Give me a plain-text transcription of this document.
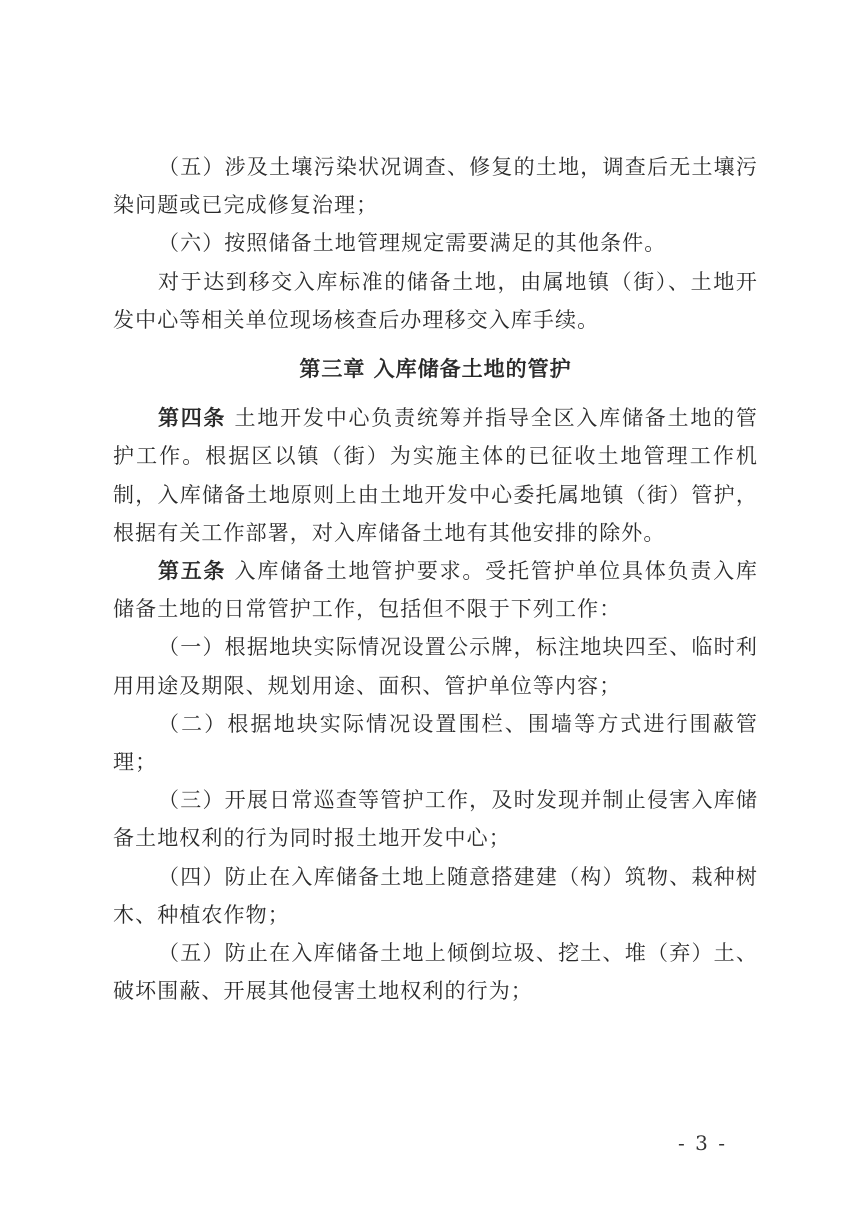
（五）涉及土壤污染状况调查、修复的土地，调查后无土壤污染问题或已完成修复治理；

（六）按照储备土地管理规定需要满足的其他条件。

对于达到移交入库标准的储备土地，由属地镇（街）、土地开发中心等相关单位现场核查后办理移交入库手续。

第三章 入库储备土地的管护

第四条 土地开发中心负责统筹并指导全区入库储备土地的管护工作。根据区以镇（街）为实施主体的已征收土地管理工作机制，入库储备土地原则上由土地开发中心委托属地镇（街）管护，根据有关工作部署，对入库储备土地有其他安排的除外。

第五条 入库储备土地管护要求。受托管护单位具体负责入库储备土地的日常管护工作，包括但不限于下列工作：

（一）根据地块实际情况设置公示牌，标注地块四至、临时利用用途及期限、规划用途、面积、管护单位等内容；

（二）根据地块实际情况设置围栏、围墙等方式进行围蔽管理；

（三）开展日常巡查等管护工作，及时发现并制止侵害入库储备土地权利的行为同时报土地开发中心；

（四）防止在入库储备土地上随意搭建建（构）筑物、栽种树木、种植农作物；

（五）防止在入库储备土地上倾倒垃圾、挖土、堆（弃）土、破坏围蔽、开展其他侵害土地权利的行为；

- 3 -
